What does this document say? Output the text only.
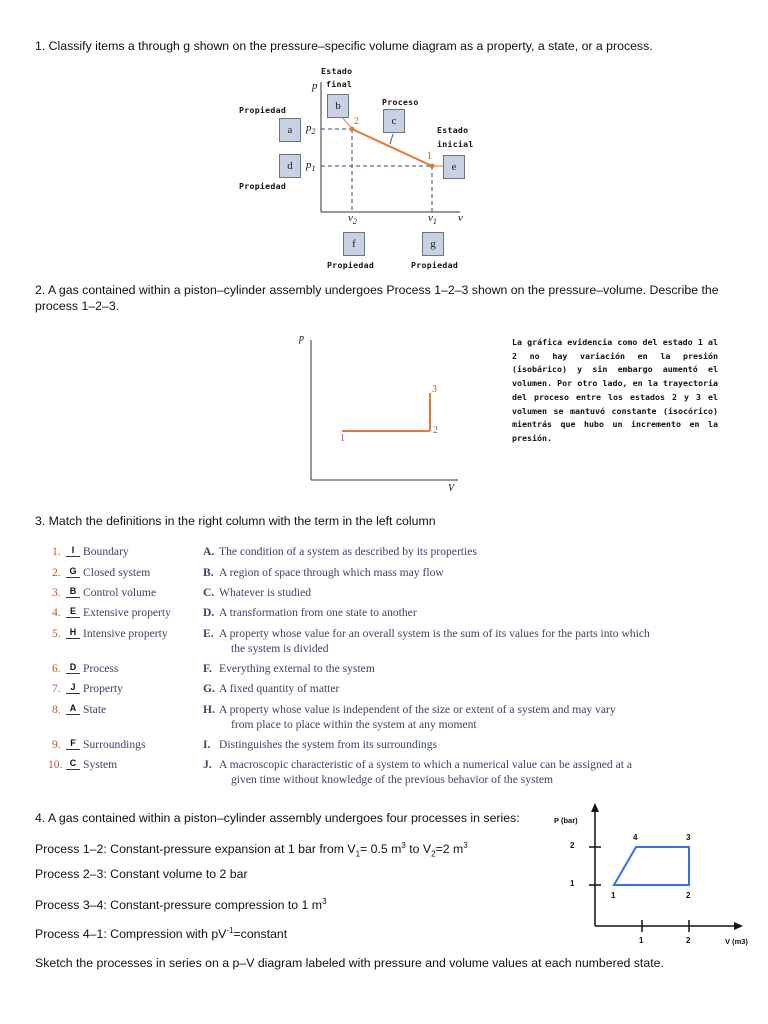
1. Classify items a through g shown on the pressure–specific volume diagram as a property, a state, or a process.
Estado
final
Proceso
Estado
inicial
Propiedad
Propiedad
Propiedad	Propiedad
b
c
a
d	e
f	g
p
v
$p_2$
$p_1$
$v_2$	$v_1$
2
1
2. A gas contained within a piston–cylinder assembly undergoes Process 1–2–3 shown on the pressure–volume. Describe the process 1–2–3.
p
V
1
2
3
La gráfica evidencia como del estado 1 al 2 no hay variación en la presión (isobárico) y sin embargo aumentó el volumen. Por otro lado, en la trayectoria del proceso entre los estados 2 y 3 el volumen se mantuvó constante (isocórico) mientrás que hubo un incremento en la presión.
3. Match the definitions in the right column with the term in the left column
1.	I Boundary	A. The condition of a system as described by its properties
2. G Closed system	B. A region of space through which mass may flow
3.	B Control volume	C. Whatever is studied
4.	E Extensive property	D. A transformation from one state to another
5.	H Intensive property	E. A property whose value for an overall system is the sum of its values for the parts into which
the system is divided
6.	D Process	F. Everything external to the system
7.	J Property	G. A fixed quantity of matter
8.	A State	H. A property whose value is independent of the size or extent of a system and may vary
from place to place within the system at any moment
9.	F Surroundings	I. Distinguishes the system from its surroundings
10. C System	J. A macroscopic characteristic of a system to which a numerical value can be assigned at a
given time without knowledge of the previous behavior of the system
4. A gas contained within a piston–cylinder assembly undergoes four processes in series:
Process 1–2: Constant-pressure expansion at 1 bar from $V_1= 0.5$ $m^3$ to $V_2=2$ $m^3$
Process 2–3: Constant volume to 2 bar
Process 3–4: Constant-pressure compression to 1 $m^3$
Process 4–1: Compression with $pV^{-1}=constant$
Sketch the processes in series on a p–V diagram labeled with pressure and volume values at each numbered state.
P (bar)
V (m3)
2
1
1	2
1	2
3
4
